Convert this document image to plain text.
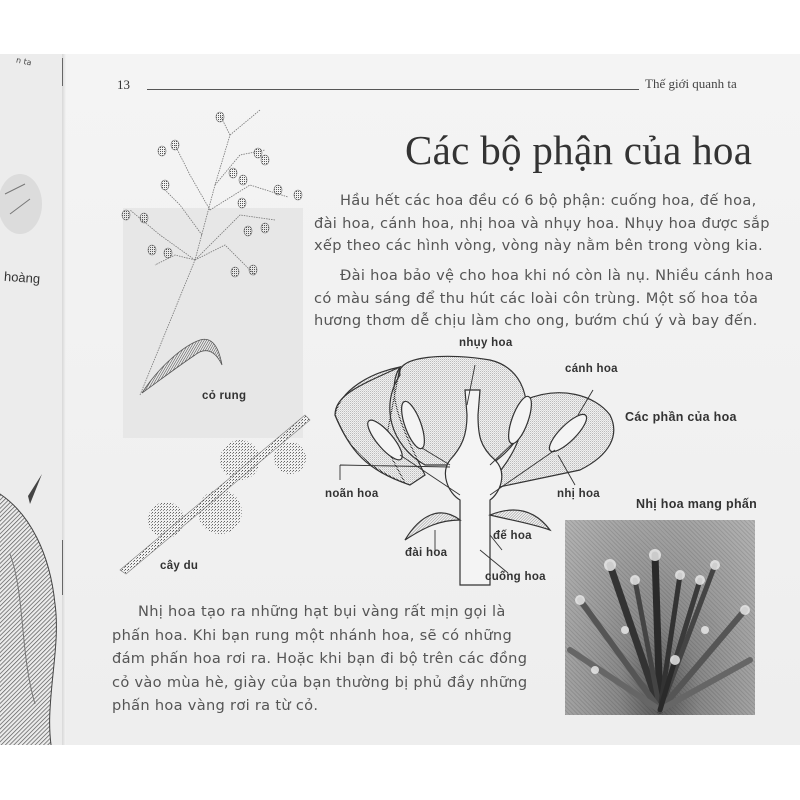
n ta
hoàng
13	Thế giới quanh ta
Các bộ phận của hoa
Hầu hết các hoa đều có 6 bộ phận: cuống hoa, đế hoa,
đài hoa, cánh hoa, nhị hoa và nhụy hoa. Nhụy hoa được sắp
xếp theo các hình vòng, vòng này nằm bên trong vòng kia.
Đài hoa bảo vệ cho hoa khi nó còn là nụ. Nhiều cánh hoa
có màu sáng để thu hút các loài côn trùng. Một số hoa tỏa
hương thơm dễ chịu làm cho ong, bướm chú ý và bay đến.
cỏ rung
cây du
nhụy hoa
cánh hoa
Các phần của hoa
noãn hoa	nhị hoa
đế hoa
đài hoa
cuống hoa
Nhị hoa mang phấn
Nhị hoa tạo ra những hạt bụi vàng rất mịn gọi là
phấn hoa. Khi bạn rung một nhánh hoa, sẽ có những
đám phấn hoa rơi ra. Hoặc khi bạn đi bộ trên các đồng
cỏ vào mùa hè, giày của bạn thường bị phủ đầy những
phấn hoa vàng rơi ra từ cỏ.
